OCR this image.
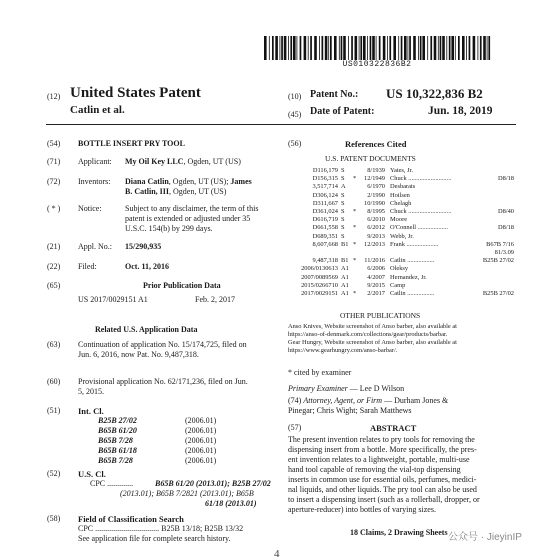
US010322836B2
(12) United States Patent
Catlin et al.
(10) Patent No.: US 10,322,836 B2
(45) Date of Patent:	Jun. 18, 2019
(54) BOTTLE INSERT PRY TOOL
(71) Applicant: My Oil Key LLC, Ogden, UT (US)
(72) Inventors: Diana Catlin, Ogden, UT (US); James
B. Catlin, III, Ogden, UT (US)
( * ) Notice:	Subject to any disclaimer, the term of this
patent is extended or adjusted under 35
U.S.C. 154(b) by 299 days.
(21) Appl. No.: 15/290,935
(22) Filed:	Oct. 11, 2016
(65)	Prior Publication Data
US 2017/0029151 A1	Feb. 2, 2017
Related U.S. Application Data
(63) Continuation of application No. 15/174,725, filed on
Jun. 6, 2016, now Pat. No. 9,487,318.
(60) Provisional application No. 62/171,236, filed on Jun.
5, 2015.
(51) Int. Cl.
B25B 27/02	(2006.01)
B65B 61/20	(2006.01)
B65B 7/28	(2006.01)
B65B 61/18	(2006.01)
B65B 7/28	(2006.01)
(52) U.S. Cl.
CPC .............	B65B 61/20 (2013.01); B25B 27/02
(2013.01); B65B 7/2821 (2013.01); B65B
61/18 (2013.01)
(58) Field of Classification Search
CPC ................................ B25B 13/18; B25B 13/32
See application file for complete search history.
(56)	References Cited
U.S. PATENT DOCUMENTS
D116,179 S	8/1939 Yates, Jr.
D156,315 S	*	12/1949 Chuck ...........................	D8/18
3,517,714 A	6/1970 Desbarats
D306,124 S	2/1990 Hoilsen
D311,667 S	10/1990 Chelagh
D361,024 S	*	8/1995 Chuck ...........................	D8/40
D616,719 S	6/2010 Moore
D661,558 S	*	6/2012 O'Connell ...................	D8/18
D689,351 S	9/2013 Webb, Jr.
8,607,668 B1 *	12/2013 Frank ....................	B67B 7/16
81/3.09
9,487,318 B1 *	11/2016 Catlin .................	B25B 27/02
2006/0130613 A1	6/2006 Oleksy
2007/0089569 A1	4/2007 Hernandez, Jr.
2015/0266710 A1	9/2015 Camp
2017/0029151 A1 *	2/2017 Catlin .................	B25B 27/02
OTHER PUBLICATIONS
Anso Knives, Website screenshot of Anso barber, also available at
https://anso-of-denmark.com/collections/gear/products/barbar.
Gear Hungry, Website screenshot of Anso barber, also available at
https://www.gearhungry.com/anso-barbar/.
* cited by examiner
Primary Examiner — Lee D Wilson
(74) Attorney, Agent, or Firm — Durham Jones &
Pinegar; Chris Wight; Sarah Matthews
(57)	ABSTRACT
The present invention relates to pry tools for removing the
dispensing insert from a bottle. More specifically, the pres-
ent invention relates to a lightweight, portable, multi-use
hand tool capable of removing the vial-top dispensing
inserts in common use for essential oils, perfumes, medici-
nal liquids, and other liquids. The pry tool can also be used
to insert a dispensing insert (such as a rollerball, dropper, or
aperture-reducer) into bottles of varying sizes.
18 Claims, 2 Drawing Sheets 公众号 · JieyinIP
4
